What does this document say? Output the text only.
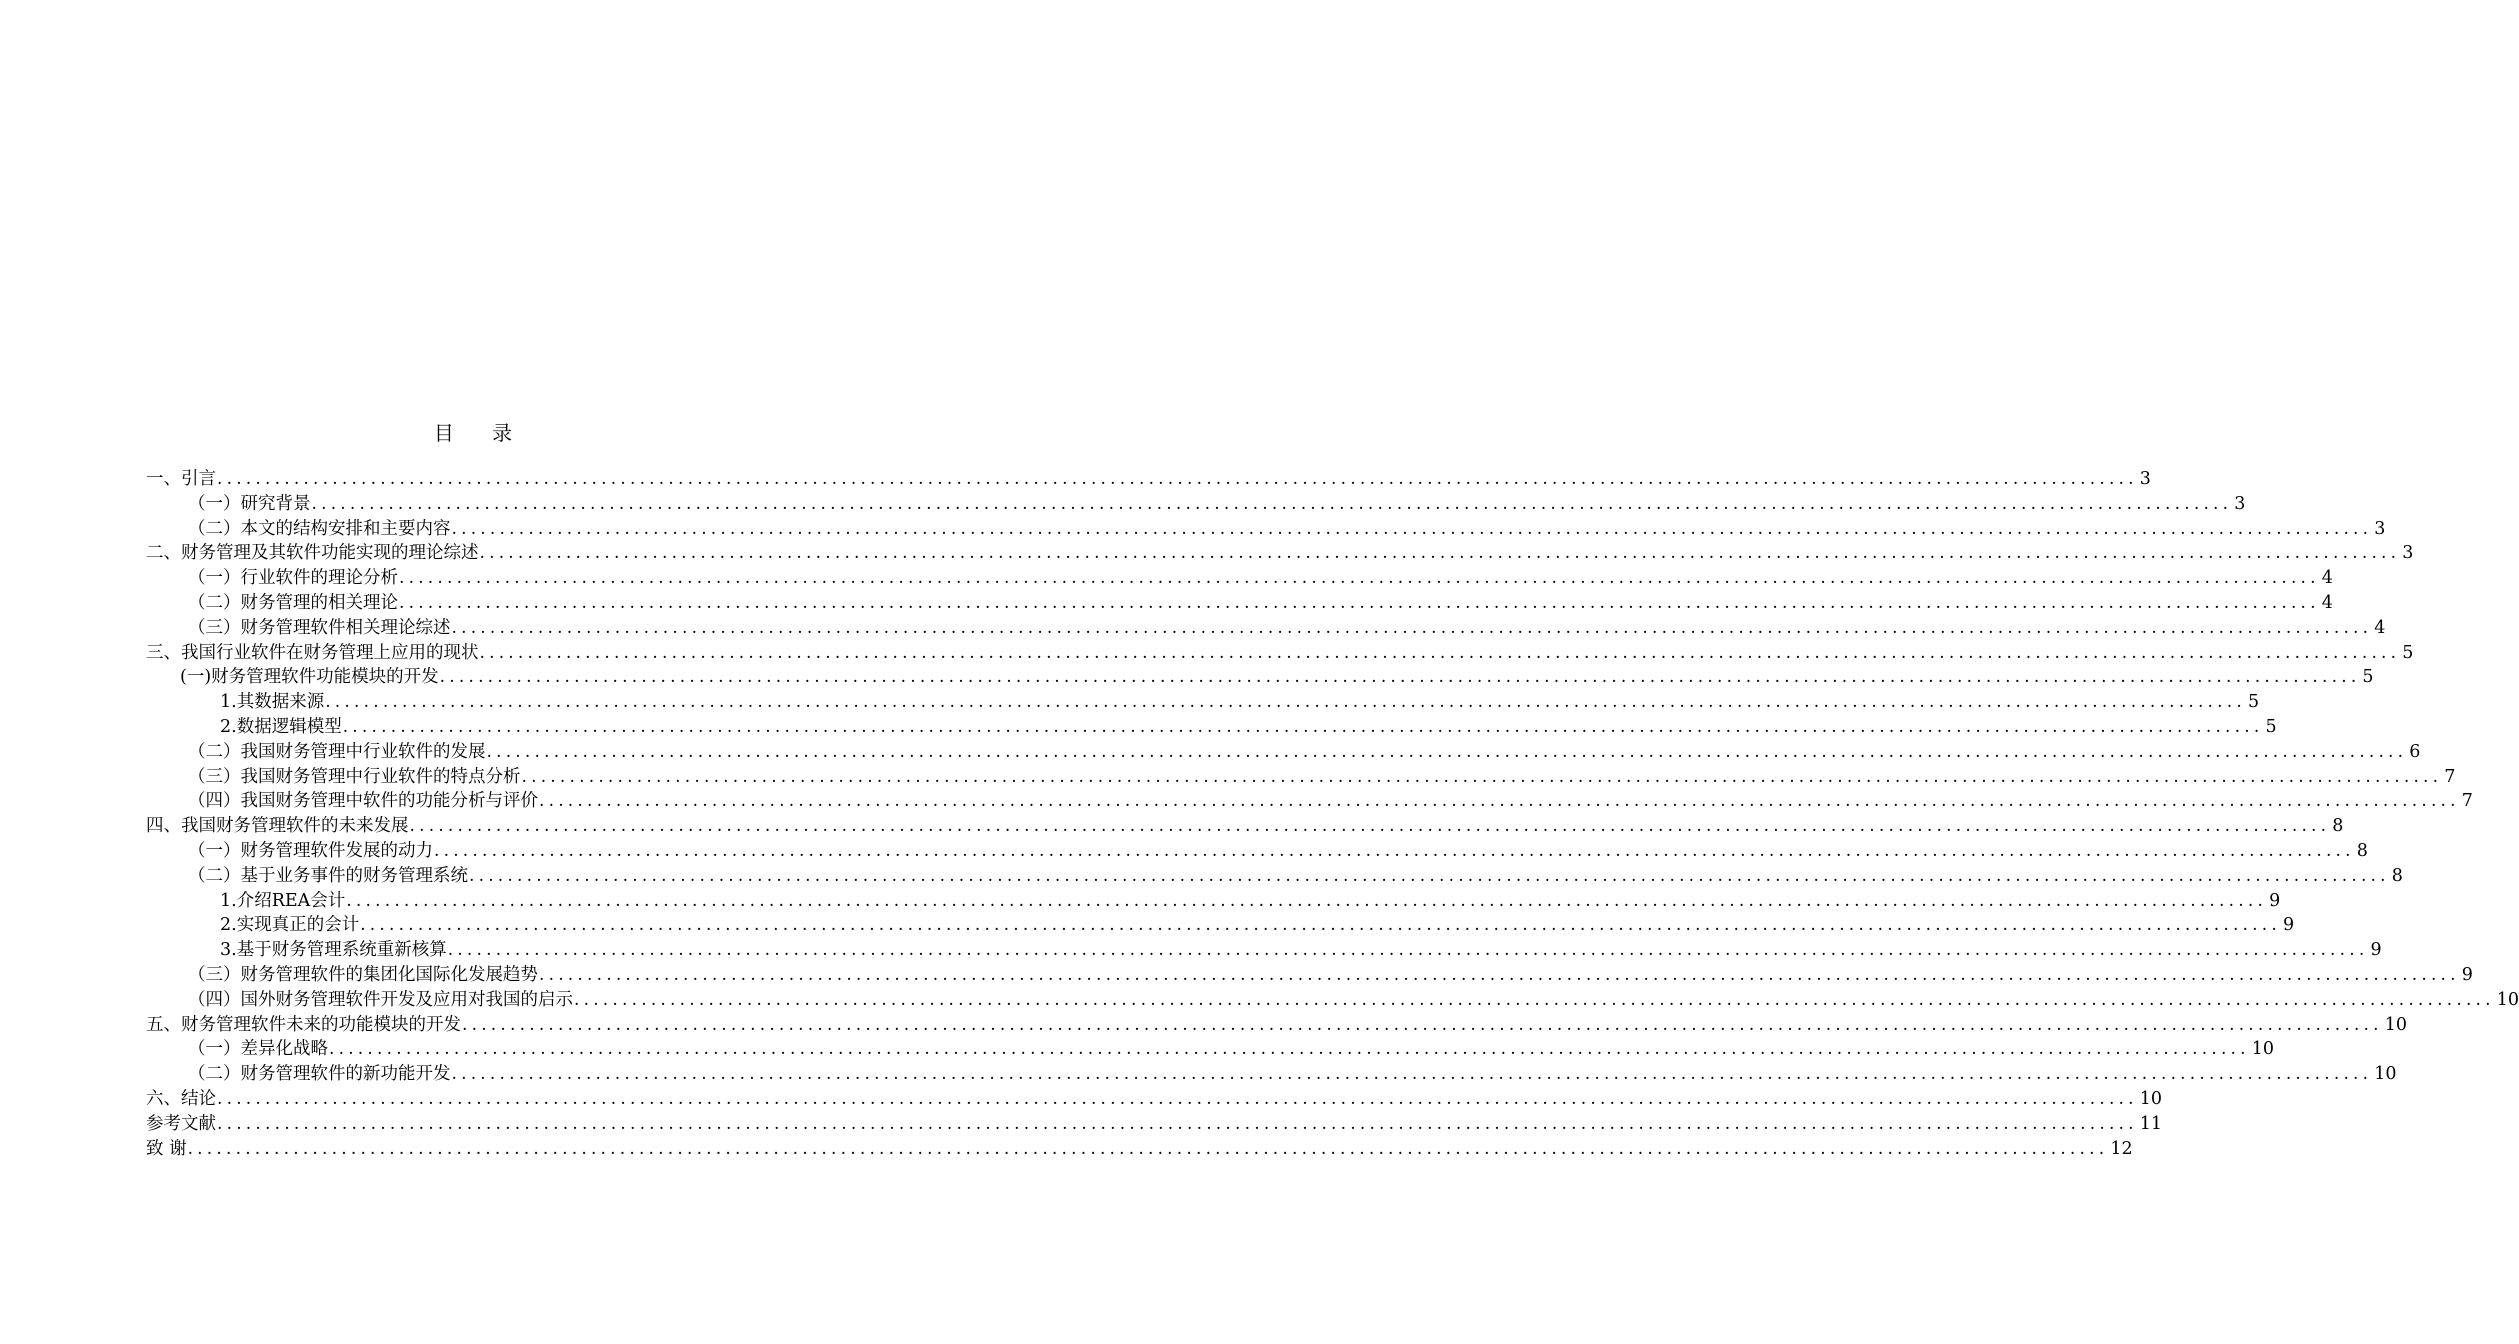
目 录
一、引言 ........................................................................................................................................................................................................ 3
（一）研究背景 ........................................................................................................................................................................................................ 3
（二）本文的结构安排和主要内容 ........................................................................................................................................................................................................ 3
二、财务管理及其软件功能实现的理论综述 ........................................................................................................................................................................................................ 3
（一）行业软件的理论分析 ........................................................................................................................................................................................................ 4
（二）财务管理的相关理论 ........................................................................................................................................................................................................ 4
（三）财务管理软件相关理论综述 ........................................................................................................................................................................................................ 4
三、我国行业软件在财务管理上应用的现状 ........................................................................................................................................................................................................ 5
(一)财务管理软件功能模块的开发 ........................................................................................................................................................................................................ 5
1.其数据来源 ........................................................................................................................................................................................................ 5
2.数据逻辑模型 ........................................................................................................................................................................................................ 5
（二）我国财务管理中行业软件的发展 ........................................................................................................................................................................................................ 6
（三）我国财务管理中行业软件的特点分析 ........................................................................................................................................................................................................ 7
（四）我国财务管理中软件的功能分析与评价 ........................................................................................................................................................................................................ 7
四、我国财务管理软件的未来发展 ........................................................................................................................................................................................................ 8
（一）财务管理软件发展的动力 ........................................................................................................................................................................................................ 8
（二）基于业务事件的财务管理系统 ........................................................................................................................................................................................................ 8
1.介绍REA会计 ........................................................................................................................................................................................................ 9
2.实现真正的会计 ........................................................................................................................................................................................................ 9
3.基于财务管理系统重新核算 ........................................................................................................................................................................................................ 9
（三）财务管理软件的集团化国际化发展趋势 ........................................................................................................................................................................................................ 9
（四）国外财务管理软件开发及应用对我国的启示 ........................................................................................................................................................................................................ 10
五、财务管理软件未来的功能模块的开发 ........................................................................................................................................................................................................ 10
（一）差异化战略 ........................................................................................................................................................................................................ 10
（二）财务管理软件的新功能开发 ........................................................................................................................................................................................................ 10
六、结论 ........................................................................................................................................................................................................ 10
参考文献 ........................................................................................................................................................................................................ 11
致 谢 ........................................................................................................................................................................................................ 12
